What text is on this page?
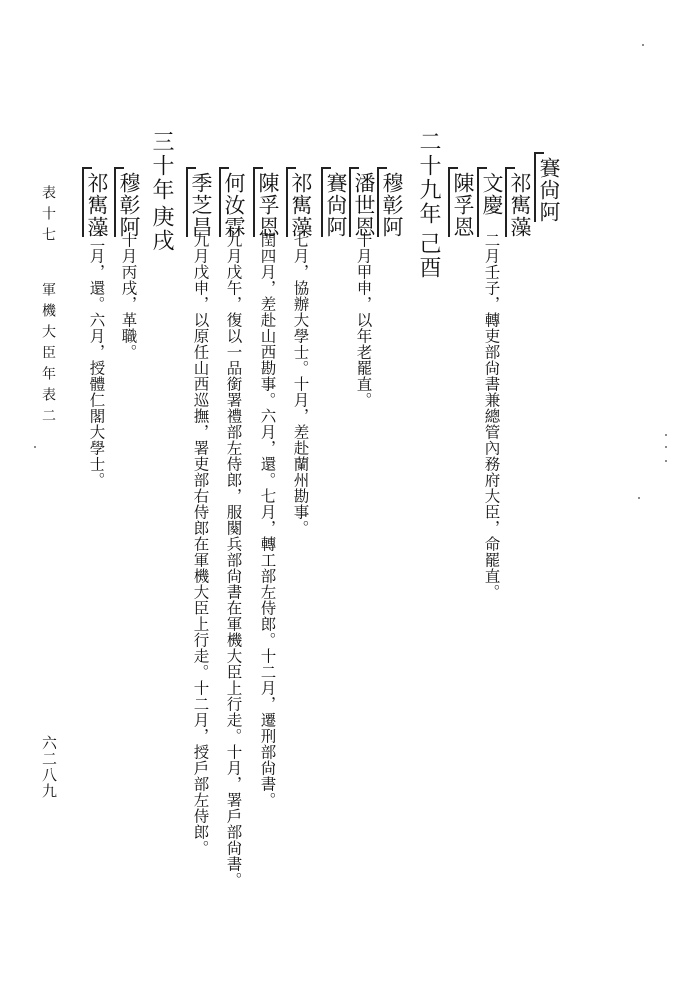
賽尙阿
祁寯藻
文慶
二月壬子，轉吏部尙書兼總管內務府大臣，命罷直。
陳孚恩
二十九年
己酉
穆彰阿
潘世恩
十月甲申，以年老罷直。
賽尙阿
祁寯藻
七月，協辦大學士。十月，差赴蘭州勘事。
陳孚恩
閏四月，差赴山西勘事。六月，還。七月，轉工部左侍郎。十二月，遷刑部尙書。
何汝霖
九月戊午，復以一品銜署禮部左侍郎，服闋兵部尙書在軍機大臣上行走。十月，署戶部尙書。
季芝昌
九月戊申，以原任山西巡撫，署吏部右侍郎在軍機大臣上行走。十二月，授戶部左侍郎。
三十年
庚戌
穆彰阿
十月丙戌，革職。
祁寯藻
二月，還。六月，授體仁閣大學士。
表十七
軍機大臣年表二
六二八九
